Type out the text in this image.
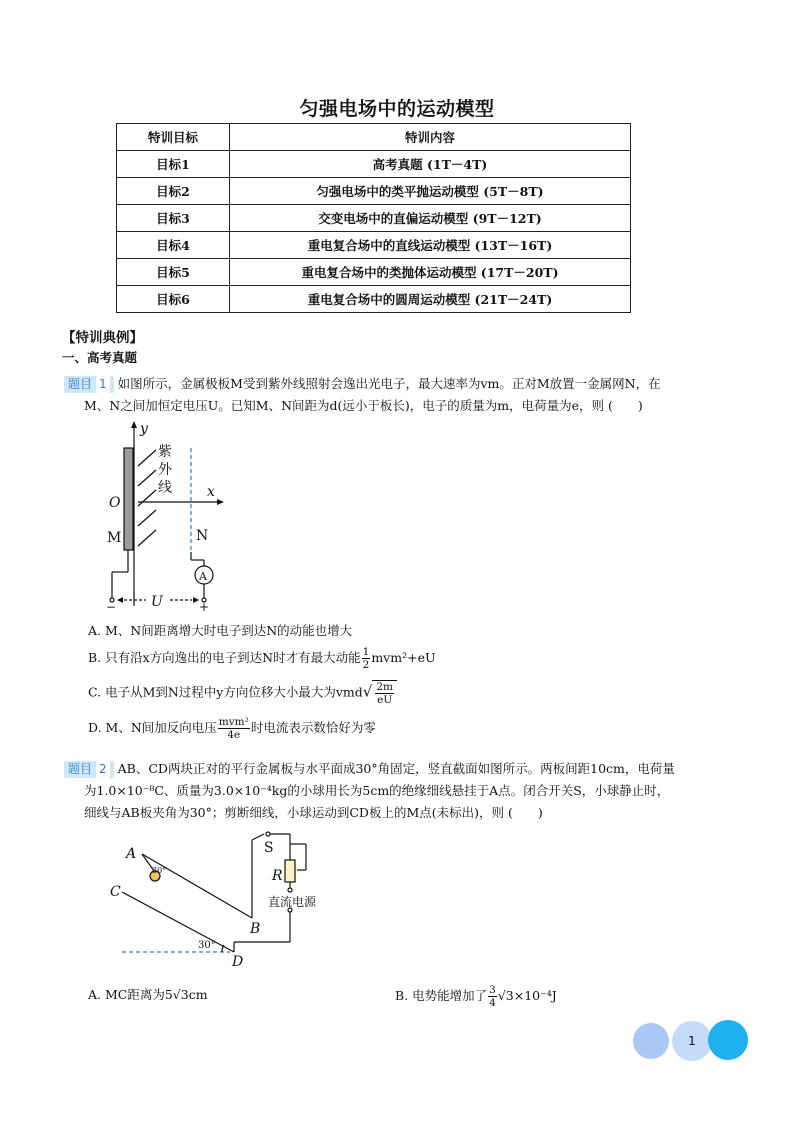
匀强电场中的运动模型
特训目标	特训内容
目标1	高考真题 (1T－4T)
目标2	匀强电场中的类平抛运动模型 (5T－8T)
目标3	交变电场中的直偏运动模型 (9T－12T)
目标4	重电复合场中的直线运动模型 (13T－16T)
目标5	重电复合场中的类抛体运动模型 (17T－20T)
目标6	重电复合场中的圆周运动模型 (21T－24T)
【特训典例】
一、高考真题
题目 1 如图所示，金属极板M受到紫外线照射会逸出光电子，最大速率为vm。正对M放置一金属网N，在
M、N之间加恒定电压U。已知M、N间距为d(远小于板长)，电子的质量为m，电荷量为e，则 (　　)
y
紫
外
线	x
O
M	N
A
U
−	+
A. M、N间距离增大时电子到达N的动能也增大
B. 只有沿x方向逸出的电子到达N时才有最大动能 $\frac{1}{2} mvm^2+eU$
C. 电子从M到N过程中y方向位移大小最大为$vmd√ \frac{2m}{eU}$
D. M、N间加反向电压 $\frac{\text{mvm²}}{4e}$ 时电流表示数恰好为零
题目 2 AB、CD两块正对的平行金属板与水平面成30°角固定，竖直截面如图所示。两板间距10cm，电荷量
为1.0×10⁻⁸C、质量为3.0×10⁻⁴kg的小球用长为5cm的绝缘细线悬挂于A点。闭合开关S，小球静止时，
细线与AB板夹角为30°；剪断细线，小球运动到CD板上的M点(未标出)，则 (　　)
A
C
B
D
S
R
30°
30°
直流电源
A. MC距离为5√3cm	B. 电势能增加了 $\frac{3}{4} √3\times 10^{-4}J$
1
